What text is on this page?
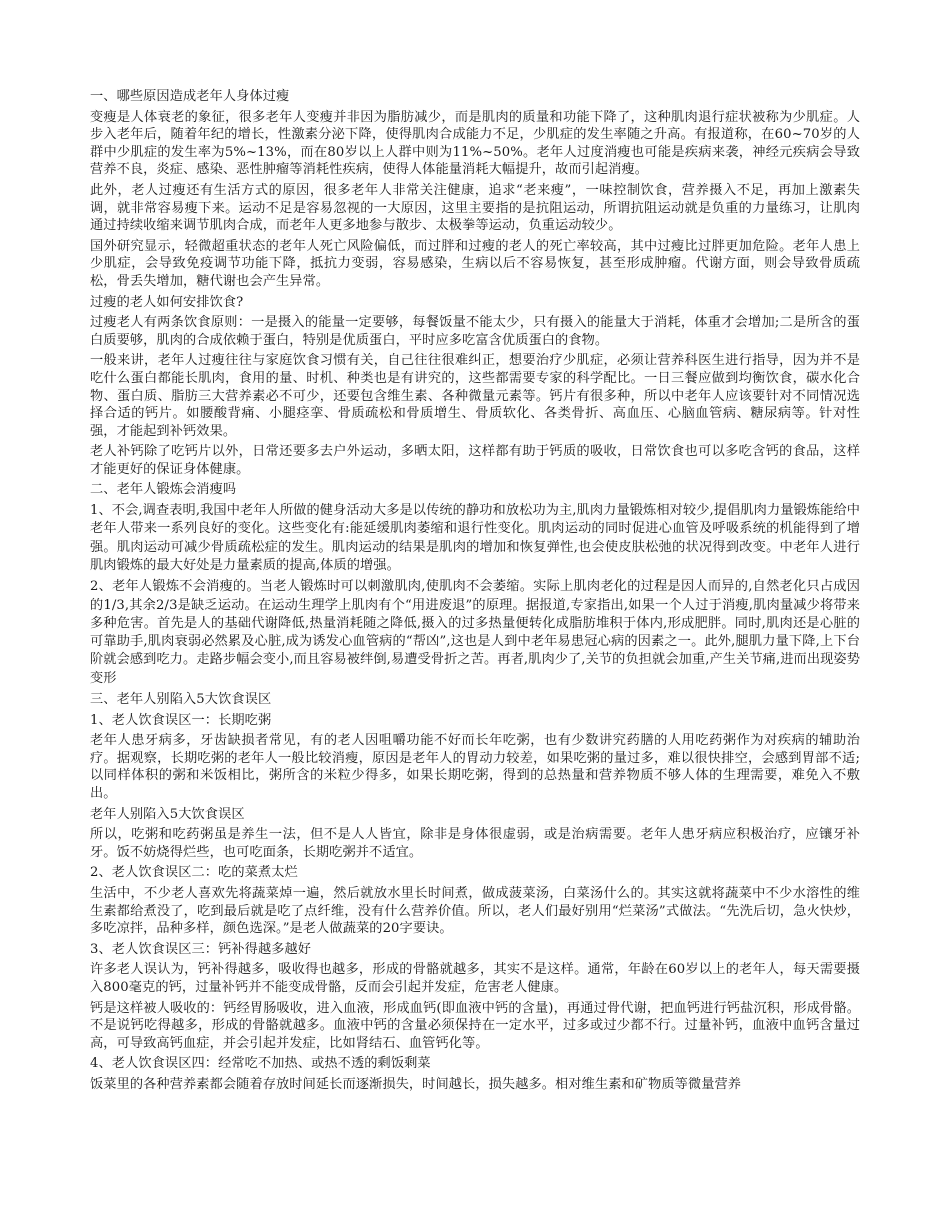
一、哪些原因造成老年人身体过瘦

变瘦是人体衰老的象征，很多老年人变瘦并非因为脂肪减少，而是肌肉的质量和功能下降了，这种肌肉退行症状被称为少肌症。人步入老年后，随着年纪的增长，性激素分泌下降，使得肌肉合成能力不足，少肌症的发生率随之升高。有报道称，在60~70岁的人群中少肌症的发生率为5%~13%，而在80岁以上人群中则为11%~50%。老年人过度消瘦也可能是疾病来袭，神经元疾病会导致营养不良，炎症、感染、恶性肿瘤等消耗性疾病，使得人体能量消耗大幅提升，故而引起消瘦。

此外，老人过瘦还有生活方式的原因，很多老年人非常关注健康，追求“老来瘦”，一味控制饮食，营养摄入不足，再加上激素失调，就非常容易瘦下来。运动不足是容易忽视的一大原因，这里主要指的是抗阻运动，所谓抗阻运动就是负重的力量练习，让肌肉通过持续收缩来调节肌肉合成，而老年人更多地参与散步、太极拳等运动，负重运动较少。

国外研究显示，轻微超重状态的老年人死亡风险偏低，而过胖和过瘦的老人的死亡率较高，其中过瘦比过胖更加危险。老年人患上少肌症，会导致免疫调节功能下降，抵抗力变弱，容易感染，生病以后不容易恢复，甚至形成肿瘤。代谢方面，则会导致骨质疏松，骨丢失增加，糖代谢也会产生异常。

过瘦的老人如何安排饮食?

过瘦老人有两条饮食原则：一是摄入的能量一定要够，每餐饭量不能太少，只有摄入的能量大于消耗，体重才会增加;二是所含的蛋白质要够，肌肉的合成依赖于蛋白，特别是优质蛋白，平时应多吃富含优质蛋白的食物。

一般来讲，老年人过瘦往往与家庭饮食习惯有关，自己往往很难纠正，想要治疗少肌症，必须让营养科医生进行指导，因为并不是吃什么蛋白都能长肌肉，食用的量、时机、种类也是有讲究的，这些都需要专家的科学配比。一日三餐应做到均衡饮食，碳水化合物、蛋白质、脂肪三大营养素必不可少，还要包含维生素、各种微量元素等。钙片有很多种，所以中老年人应该要针对不同情况选择合适的钙片。如腰酸背痛、小腿痉挛、骨质疏松和骨质增生、骨质软化、各类骨折、高血压、心脑血管病、糖尿病等。针对性强，才能起到补钙效果。

老人补钙除了吃钙片以外，日常还要多去户外运动，多晒太阳，这样都有助于钙质的吸收，日常饮食也可以多吃含钙的食品，这样才能更好的保证身体健康。

二、老年人锻炼会消瘦吗

1、不会,调查表明,我国中老年人所做的健身活动大多是以传统的静功和放松功为主,肌肉力量锻炼相对较少,提倡肌肉力量锻炼能给中老年人带来一系列良好的变化。这些变化有:能延缓肌肉萎缩和退行性变化。肌肉运动的同时促进心血管及呼吸系统的机能得到了增强。肌肉运动可减少骨质疏松症的发生。肌肉运动的结果是肌肉的增加和恢复弹性,也会使皮肤松弛的状况得到改变。中老年人进行肌肉锻炼的最大好处是力量素质的提高,体质的增强。

2、老年人锻炼不会消瘦的。当老人锻炼时可以刺激肌肉,使肌肉不会萎缩。实际上肌肉老化的过程是因人而异的,自然老化只占成因的1/3,其余2/3是缺乏运动。在运动生理学上肌肉有个“用进废退”的原理。据报道,专家指出,如果一个人过于消瘦,肌肉量减少将带来多种危害。首先是人的基础代谢降低,热量消耗随之降低,摄入的过多热量便转化成脂肪堆积于体内,形成肥胖。同时,肌肉还是心脏的可靠助手,肌肉衰弱必然累及心脏,成为诱发心血管病的“帮凶”,这也是人到中老年易患冠心病的因素之一。此外,腿肌力量下降,上下台阶就会感到吃力。走路步幅会变小,而且容易被绊倒,易遭受骨折之苦。再者,肌肉少了,关节的负担就会加重,产生关节痛,进而出现姿势变形

三、老年人别陷入5大饮食误区

1、老人饮食误区一：长期吃粥

老年人患牙病多，牙齿缺损者常见，有的老人因咀嚼功能不好而长年吃粥，也有少数讲究药膳的人用吃药粥作为对疾病的辅助治疗。据观察，长期吃粥的老年人一般比较消瘦，原因是老年人的胃动力较差，如果吃粥的量过多，难以很快排空，会感到胃部不适;以同样体积的粥和米饭相比，粥所含的米粒少得多，如果长期吃粥，得到的总热量和营养物质不够人体的生理需要，难免入不敷出。

老年人别陷入5大饮食误区

所以，吃粥和吃药粥虽是养生一法，但不是人人皆宜，除非是身体很虚弱，或是治病需要。老年人患牙病应积极治疗，应镶牙补牙。饭不妨烧得烂些，也可吃面条，长期吃粥并不适宜。

2、老人饮食误区二：吃的菜煮太烂

生活中，不少老人喜欢先将蔬菜焯一遍，然后就放水里长时间煮，做成菠菜汤，白菜汤什么的。其实这就将蔬菜中不少水溶性的维生素都给煮没了，吃到最后就是吃了点纤维，没有什么营养价值。所以，老人们最好别用“烂菜汤”式做法。“先洗后切，急火快炒，多吃凉拌，品种多样，颜色选深。”是老人做蔬菜的20字要诀。

3、老人饮食误区三：钙补得越多越好

许多老人误认为，钙补得越多，吸收得也越多，形成的骨骼就越多，其实不是这样。通常，年龄在60岁以上的老年人，每天需要摄入800毫克的钙，过量补钙并不能变成骨骼，反而会引起并发症，危害老人健康。

钙是这样被人吸收的：钙经胃肠吸收，进入血液，形成血钙(即血液中钙的含量)，再通过骨代谢，把血钙进行钙盐沉积，形成骨骼。不是说钙吃得越多，形成的骨骼就越多。血液中钙的含量必须保持在一定水平，过多或过少都不行。过量补钙，血液中血钙含量过高，可导致高钙血症，并会引起并发症，比如肾结石、血管钙化等。

4、老人饮食误区四：经常吃不加热、或热不透的剩饭剩菜

饭菜里的各种营养素都会随着存放时间延长而逐渐损失，时间越长，损失越多。相对维生素和矿物质等微量营养
